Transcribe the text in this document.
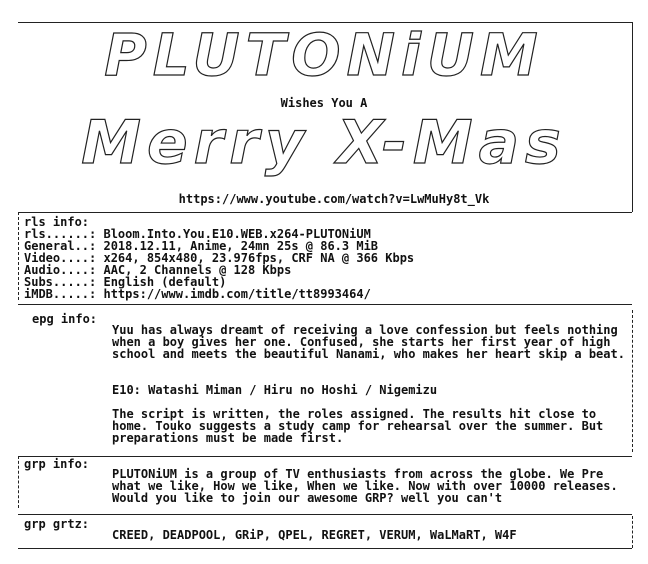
PLUTONiUM
Wishes You A
Merry X-Mas
https://www.youtube.com/watch?v=LwMuHy8t_Vk
rls info:
rls......: Bloom.Into.You.E10.WEB.x264-PLUTONiUM
General..: 2018.12.11, Anime, 24mn 25s @ 86.3 MiB
Video....: x264, 854x480, 23.976fps, CRF NA @ 366 Kbps
Audio....: AAC, 2 Channels @ 128 Kbps
Subs.....: English (default)
iMDB.....: https://www.imdb.com/title/tt8993464/
epg info:
Yuu has always dreamt of receiving a love confession but feels nothing when a boy gives her one. Confused, she starts her first year of high school and meets the beautiful Nanami, who makes her heart skip a beat.
E10: Watashi Miman / Hiru no Hoshi / Nigemizu
The script is written, the roles assigned. The results hit close to home. Touko suggests a study camp for rehearsal over the summer. But preparations must be made first.
grp info:
PLUTONiUM is a group of TV enthusiasts from across the globe. We Pre what we like, How we like, When we like. Now with over 10000 releases. Would you like to join our awesome GRP? well you can't
grp grtz:
CREED, DEADPOOL, GRiP, QPEL, REGRET, VERUM, WaLMaRT, W4F
